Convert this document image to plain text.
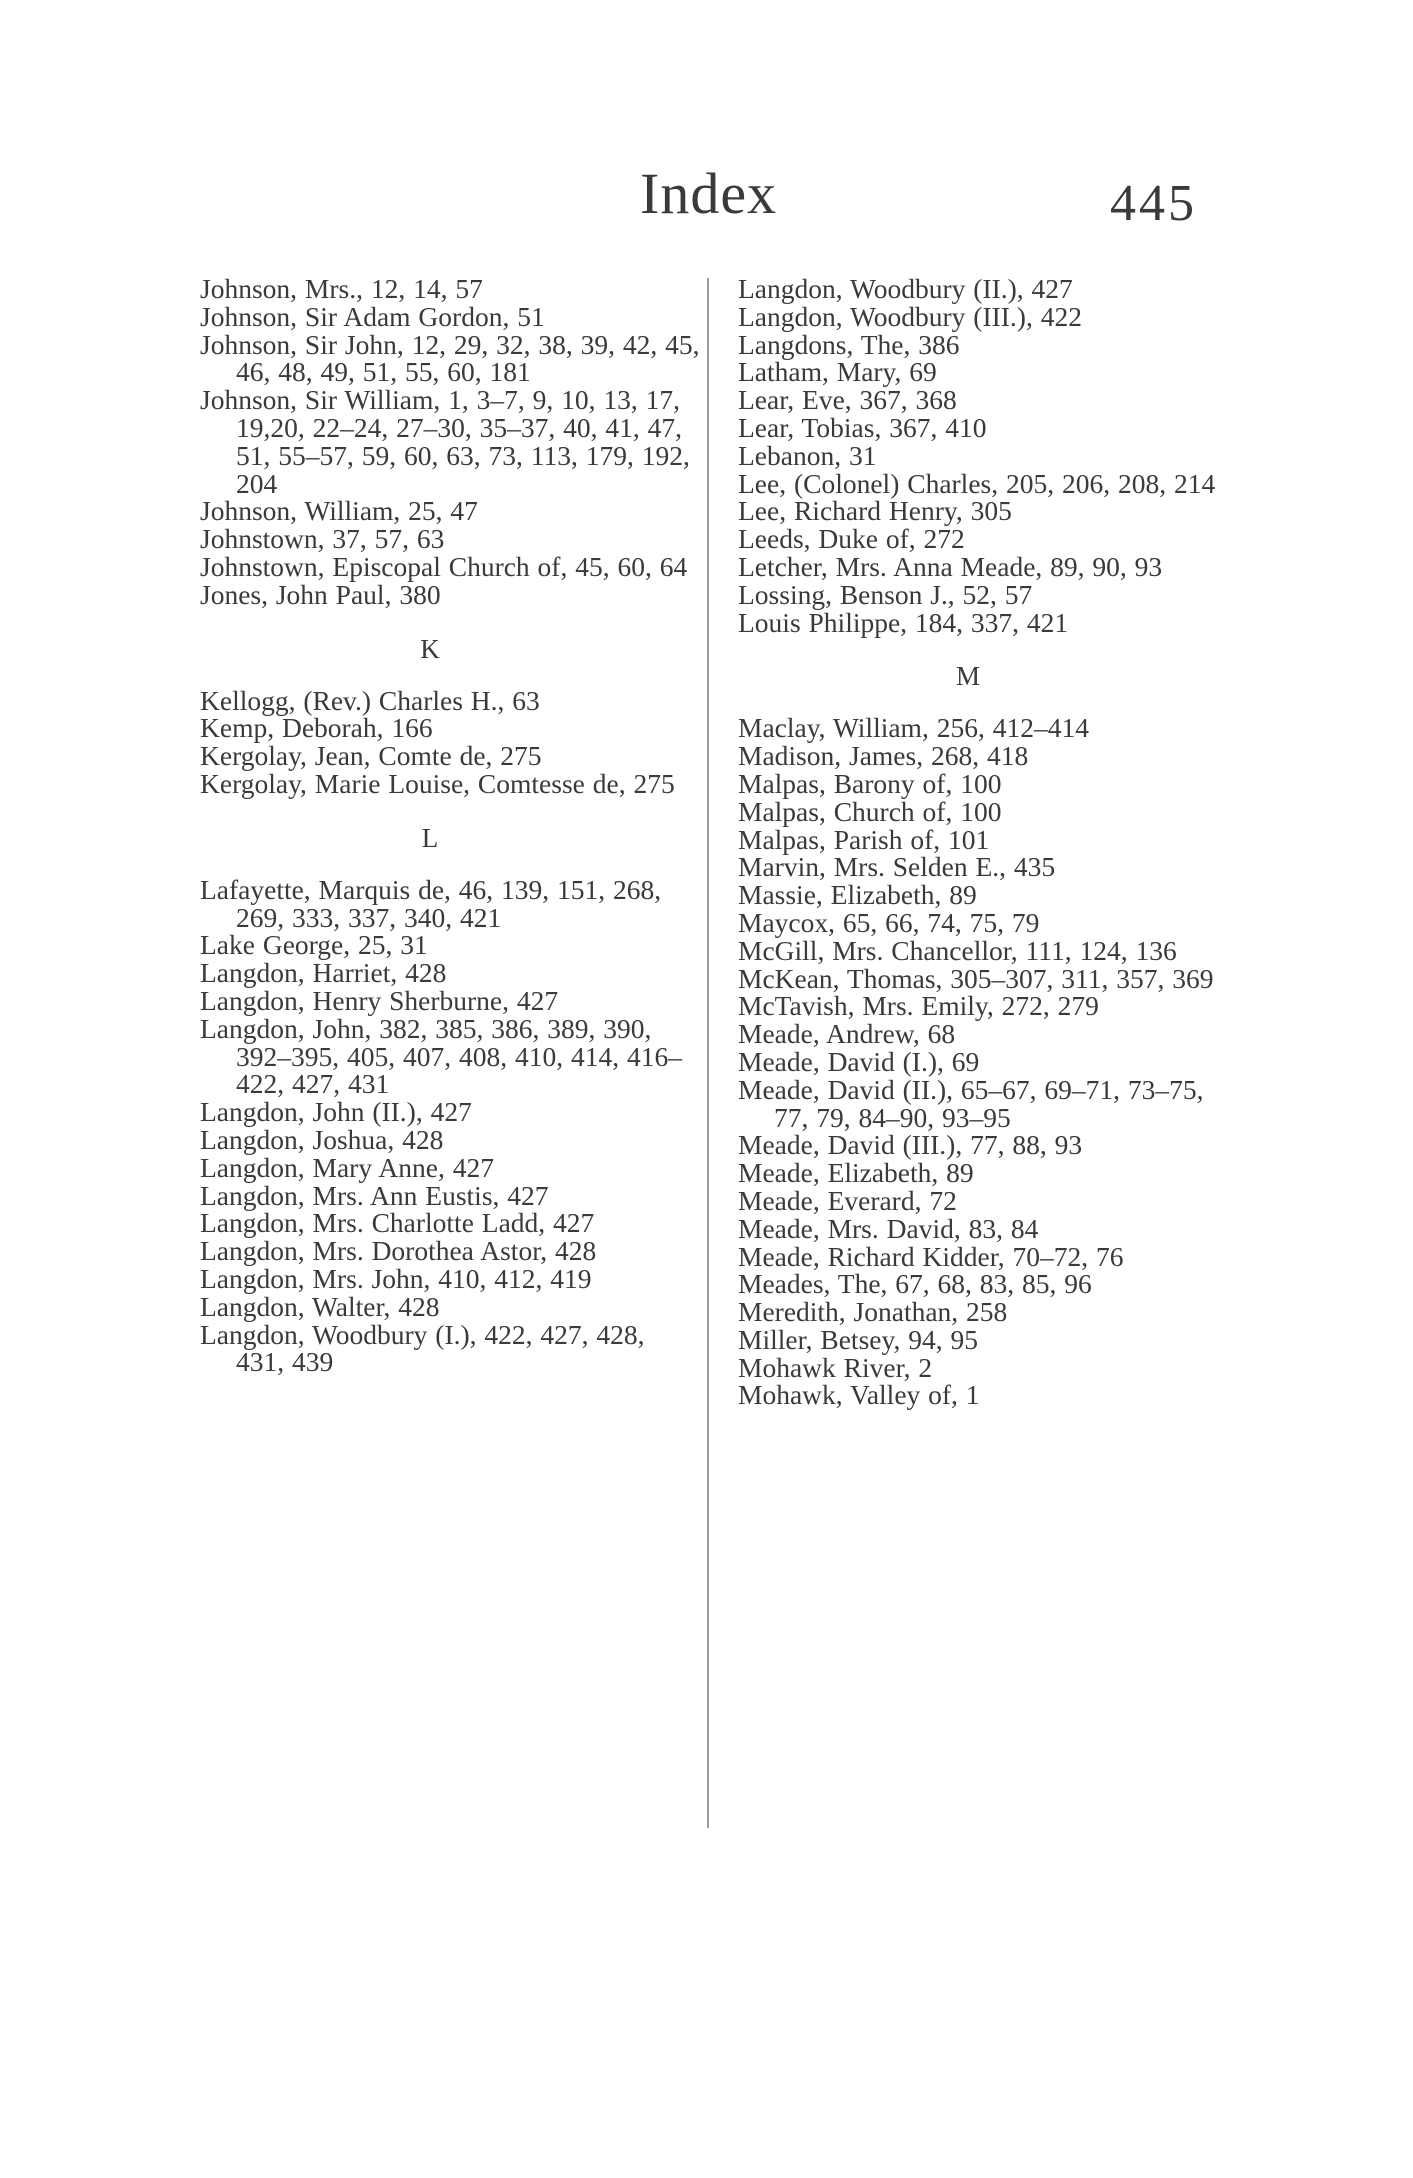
Index	445
Johnson, Mrs., 12, 14, 57
Johnson, Sir Adam Gordon, 51
Johnson, Sir John, 12, 29, 32, 38, 39, 42, 45, 46, 48, 49, 51, 55, 60, 181
Johnson, Sir William, 1, 3–7, 9, 10, 13, 17, 19,20, 22–24, 27–30, 35–37, 40, 41, 47, 51, 55–57, 59, 60, 63, 73, 113, 179, 192, 204
Johnson, William, 25, 47
Johnstown, 37, 57, 63
Johnstown, Episcopal Church of, 45, 60, 64
Jones, John Paul, 380
K
Kellogg, (Rev.) Charles H., 63
Kemp, Deborah, 166
Kergolay, Jean, Comte de, 275
Kergolay, Marie Louise, Comtesse de, 275
L
Lafayette, Marquis de, 46, 139, 151, 268, 269, 333, 337, 340, 421
Lake George, 25, 31
Langdon, Harriet, 428
Langdon, Henry Sherburne, 427
Langdon, John, 382, 385, 386, 389, 390, 392–395, 405, 407, 408, 410, 414, 416–422, 427, 431
Langdon, John (II.), 427
Langdon, Joshua, 428
Langdon, Mary Anne, 427
Langdon, Mrs. Ann Eustis, 427
Langdon, Mrs. Charlotte Ladd, 427
Langdon, Mrs. Dorothea Astor, 428
Langdon, Mrs. John, 410, 412, 419
Langdon, Walter, 428
Langdon, Woodbury (I.), 422, 427, 428, 431, 439
Langdon, Woodbury (II.), 427
Langdon, Woodbury (III.), 422
Langdons, The, 386
Latham, Mary, 69
Lear, Eve, 367, 368
Lear, Tobias, 367, 410
Lebanon, 31
Lee, (Colonel) Charles, 205, 206, 208, 214
Lee, Richard Henry, 305
Leeds, Duke of, 272
Letcher, Mrs. Anna Meade, 89, 90, 93
Lossing, Benson J., 52, 57
Louis Philippe, 184, 337, 421
M
Maclay, William, 256, 412–414
Madison, James, 268, 418
Malpas, Barony of, 100
Malpas, Church of, 100
Malpas, Parish of, 101
Marvin, Mrs. Selden E., 435
Massie, Elizabeth, 89
Maycox, 65, 66, 74, 75, 79
McGill, Mrs. Chancellor, 111, 124, 136
McKean, Thomas, 305–307, 311, 357, 369
McTavish, Mrs. Emily, 272, 279
Meade, Andrew, 68
Meade, David (I.), 69
Meade, David (II.), 65–67, 69–71, 73–75, 77, 79, 84–90, 93–95
Meade, David (III.), 77, 88, 93
Meade, Elizabeth, 89
Meade, Everard, 72
Meade, Mrs. David, 83, 84
Meade, Richard Kidder, 70–72, 76
Meades, The, 67, 68, 83, 85, 96
Meredith, Jonathan, 258
Miller, Betsey, 94, 95
Mohawk River, 2
Mohawk, Valley of, 1
